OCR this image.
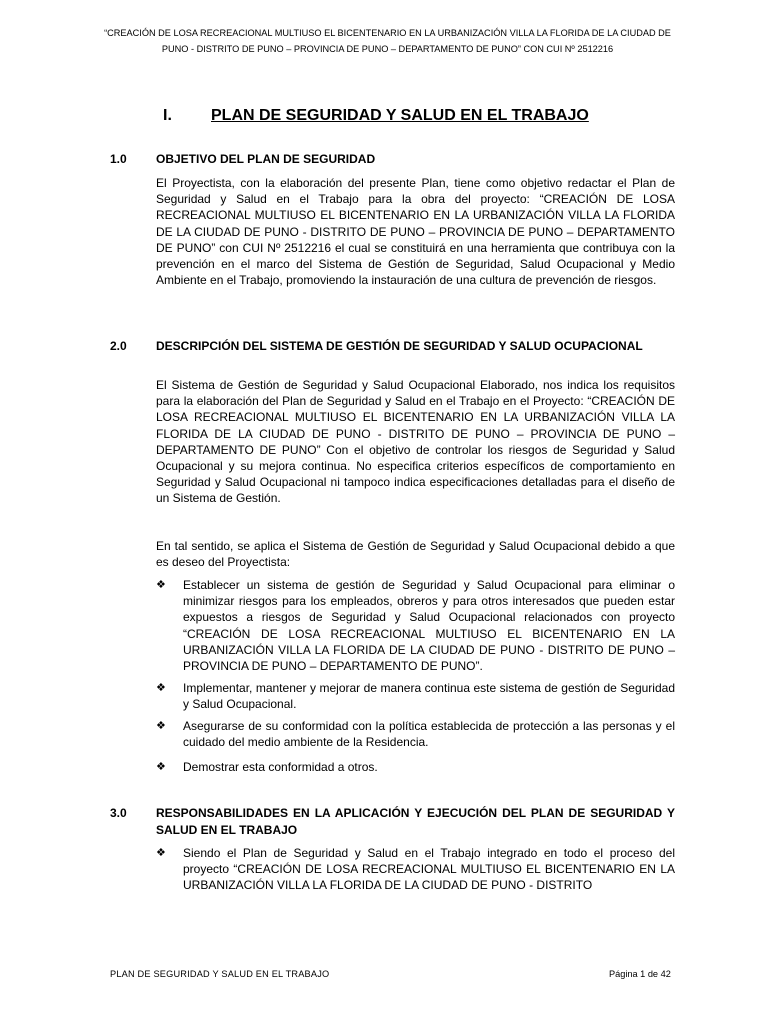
“CREACIÓN DE LOSA RECREACIONAL MULTIUSO EL BICENTENARIO EN LA URBANIZACIÓN VILLA LA FLORIDA DE LA CIUDAD DE PUNO - DISTRITO DE PUNO – PROVINCIA DE PUNO – DEPARTAMENTO DE PUNO” CON CUI Nº 2512216
I. PLAN DE SEGURIDAD Y SALUD EN EL TRABAJO
1.0 OBJETIVO DEL PLAN DE SEGURIDAD

El Proyectista, con la elaboración del presente Plan, tiene como objetivo redactar el Plan de Seguridad y Salud en el Trabajo para la obra del proyecto: “CREACIÓN DE LOSA RECREACIONAL MULTIUSO EL BICENTENARIO EN LA URBANIZACIÓN VILLA LA FLORIDA DE LA CIUDAD DE PUNO - DISTRITO DE PUNO – PROVINCIA DE PUNO – DEPARTAMENTO DE PUNO” con CUI Nº 2512216 el cual se constituirá en una herramienta que contribuya con la prevención en el marco del Sistema de Gestión de Seguridad, Salud Ocupacional y Medio Ambiente en el Trabajo, promoviendo la instauración de una cultura de prevención de riesgos.

2.0 DESCRIPCIÓN DEL SISTEMA DE GESTIÓN DE SEGURIDAD Y SALUD OCUPACIONAL

El Sistema de Gestión de Seguridad y Salud Ocupacional Elaborado, nos indica los requisitos para la elaboración del Plan de Seguridad y Salud en el Trabajo en el Proyecto: “CREACIÓN DE LOSA RECREACIONAL MULTIUSO EL BICENTENARIO EN LA URBANIZACIÓN VILLA LA FLORIDA DE LA CIUDAD DE PUNO - DISTRITO DE PUNO – PROVINCIA DE PUNO – DEPARTAMENTO DE PUNO” Con el objetivo de controlar los riesgos de Seguridad y Salud Ocupacional y su mejora continua. No especifica criterios específicos de comportamiento en Seguridad y Salud Ocupacional ni tampoco indica especificaciones detalladas para el diseño de un Sistema de Gestión.

En tal sentido, se aplica el Sistema de Gestión de Seguridad y Salud Ocupacional debido a que es deseo del Proyectista:

❖	Establecer un sistema de gestión de Seguridad y Salud Ocupacional para eliminar o minimizar riesgos para los empleados, obreros y para otros interesados que pueden estar expuestos a riesgos de Seguridad y Salud Ocupacional relacionados con proyecto “CREACIÓN DE LOSA RECREACIONAL MULTIUSO EL BICENTENARIO EN LA URBANIZACIÓN VILLA LA FLORIDA DE LA CIUDAD DE PUNO - DISTRITO DE PUNO – PROVINCIA DE PUNO – DEPARTAMENTO DE PUNO”.
❖	Implementar, mantener y mejorar de manera continua este sistema de gestión de Seguridad y Salud Ocupacional.
❖	Asegurarse de su conformidad con la política establecida de protección a las personas y el cuidado del medio ambiente de la Residencia.
❖	Demostrar esta conformidad a otros.
3.0 RESPONSABILIDADES EN LA APLICACIÓN Y EJECUCIÓN DEL PLAN DE SEGURIDAD Y SALUD EN EL TRABAJO
❖	Siendo el Plan de Seguridad y Salud en el Trabajo integrado en todo el proceso del proyecto “CREACIÓN DE LOSA RECREACIONAL MULTIUSO EL BICENTENARIO EN LA URBANIZACIÓN VILLA LA FLORIDA DE LA CIUDAD DE PUNO - DISTRITO
PLAN DE SEGURIDAD Y SALUD EN EL TRABAJO	Página 1 de 42
